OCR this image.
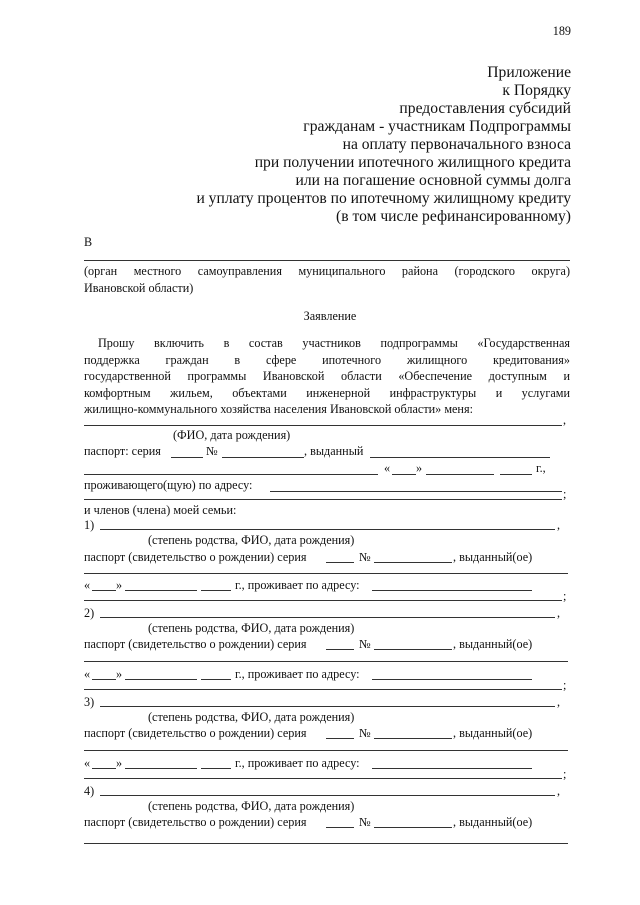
189
Приложение
к Порядку
предоставления субсидий
гражданам - участникам Подпрограммы
на оплату первоначального взноса
при получении ипотечного жилищного кредита
или на погашение основной суммы долга
и уплату процентов по ипотечному жилищному кредиту
(в том числе рефинансированному)
В
(орган местного самоуправления муниципального района (городского округа)
Ивановской области)
Заявление
Прошу включить в состав участников подпрограммы «Государственная
поддержка граждан в сфере ипотечного жилищного кредитования»
государственной программы Ивановской области «Обеспечение доступным и
комфортным жильем, объектами инженерной инфраструктуры и услугами
жилищно-коммунального хозяйства населения Ивановской области» меня:
,
(ФИО, дата рождения)
паспорт: серия	№	, выданный
« »	г.,
проживающего(щую) по адресу:
;
и членов (члена) моей семьи:
1)	,
(степень родства, ФИО, дата рождения)
паспорт (свидетельство о рождении) серия	№	, выданный(ое)
« »	г., проживает по адресу:
;
2)	,
(степень родства, ФИО, дата рождения)
паспорт (свидетельство о рождении) серия	№	, выданный(ое)
« »	г., проживает по адресу:
;
3)	,
(степень родства, ФИО, дата рождения)
паспорт (свидетельство о рождении) серия	№	, выданный(ое)
« »	г., проживает по адресу:
;
4)	,
(степень родства, ФИО, дата рождения)
паспорт (свидетельство о рождении) серия	№	, выданный(ое)
